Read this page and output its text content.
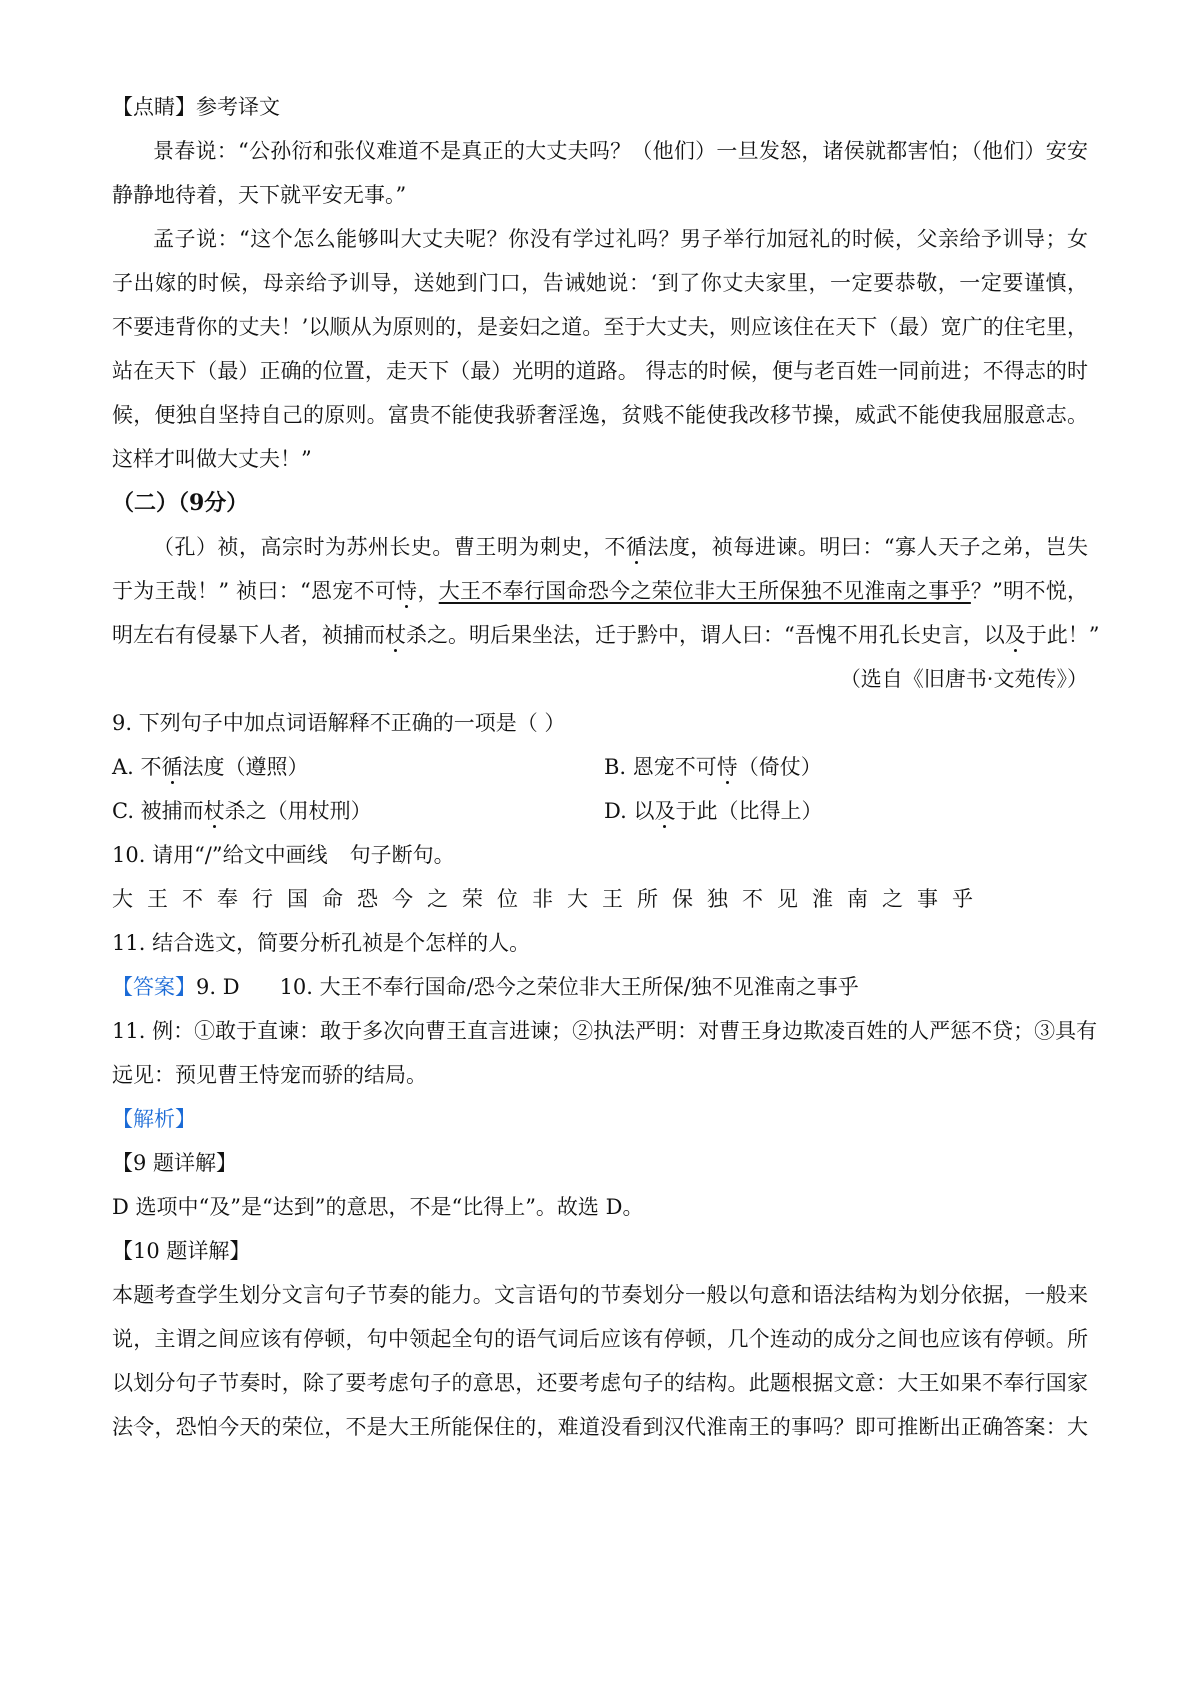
【点睛】参考译文
景春说：“公孙衍和张仪难道不是真正的大丈夫吗？（他们）一旦发怒，诸侯就都害怕；（他们）安安
静静地待着，天下就平安无事。”
孟子说：“这个怎么能够叫大丈夫呢？你没有学过礼吗？男子举行加冠礼的时候，父亲给予训导；女
子出嫁的时候，母亲给予训导，送她到门口，告诫她说：‘到了你丈夫家里，一定要恭敬，一定要谨慎，
不要违背你的丈夫！’以顺从为原则的，是妾妇之道。至于大丈夫，则应该住在天下（最）宽广的住宅里，
站在天下（最）正确的位置，走天下（最）光明的道路。 得志的时候，便与老百姓一同前进；不得志的时
候，便独自坚持自己的原则。富贵不能使我骄奢淫逸，贫贱不能使我改移节操，威武不能使我屈服意志。
这样才叫做大丈夫！”
（二）（9分）
（孔）祯，高宗时为苏州长史。曹王明为刺史，不循法度，祯每进谏。明曰：“寡人天子之弟，岂失
于为王哉！” 祯曰：“恩宠不可恃，大王不奉行国命恐今之荣位非大王所保独不见淮南之事乎？”明不悦，
明左右有侵暴下人者，祯捕而杖杀之。明后果坐法，迁于黔中，谓人曰：“吾愧不用孔长史言，以及于此！”
（选自《旧唐书·文苑传》）
9. 下列句子中加点词语解释不正确的一项是（ ）
A. 不循法度（遵照）	B. 恩宠不可恃（倚仗）
C. 被捕而杖杀之（用杖刑）	D. 以及于此（比得上）
10. 请用“/”给文中画线 句子断句。
大王不奉行国命恐今之荣位非大王所保独不见淮南之事乎
11. 结合选文，简要分析孔祯是个怎样的人。
【答案】9. D 10. 大王不奉行国命/恐今之荣位非大王所保/独不见淮南之事乎
11. 例：①敢于直谏：敢于多次向曹王直言进谏；②执法严明：对曹王身边欺凌百姓的人严惩不贷；③具有
远见：预见曹王恃宠而骄的结局。
【解析】
【9 题详解】
D 选项中“及”是“达到”的意思，不是“比得上”。故选 D。
【10 题详解】
本题考查学生划分文言句子节奏的能力。文言语句的节奏划分一般以句意和语法结构为划分依据，一般来
说，主谓之间应该有停顿，句中领起全句的语气词后应该有停顿，几个连动的成分之间也应该有停顿。所
以划分句子节奏时，除了要考虑句子的意思，还要考虑句子的结构。此题根据文意：大王如果不奉行国家
法令，恐怕今天的荣位，不是大王所能保住的，难道没看到汉代淮南王的事吗？即可推断出正确答案：大
